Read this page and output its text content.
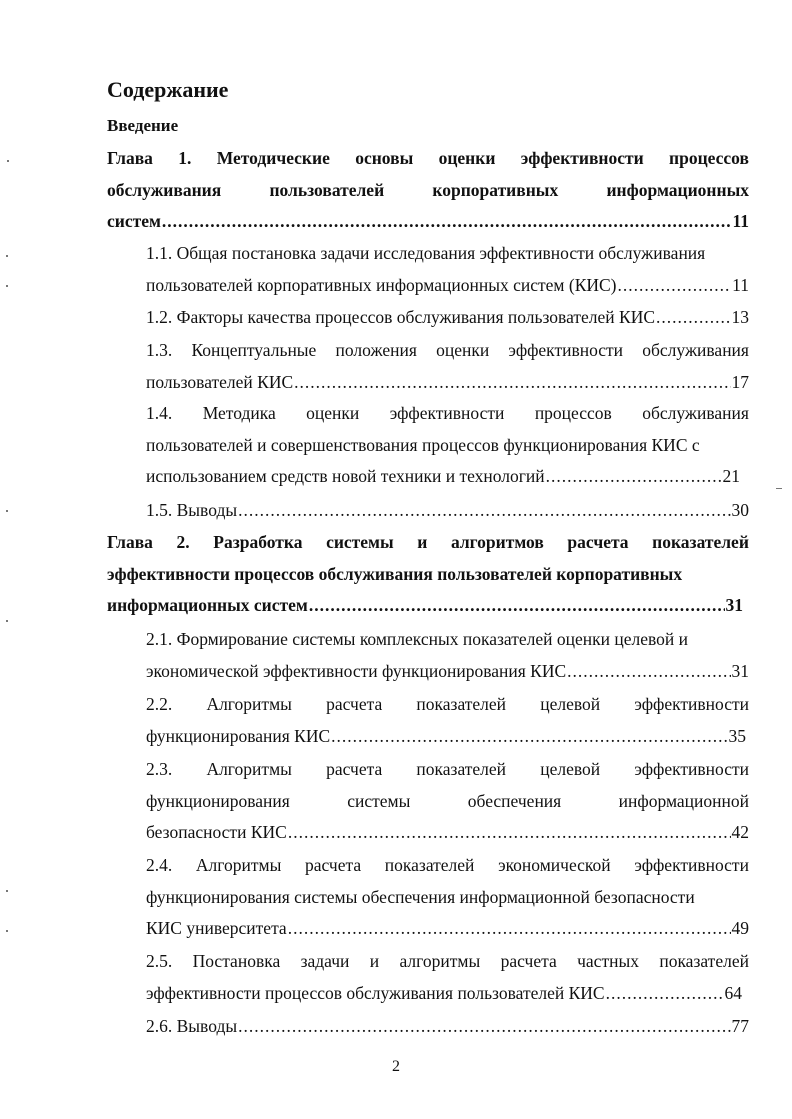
Содержание
Введение
Глава 1. Методические основы оценки эффективности процессов
обслуживания	пользователей	корпоративных	информационных
систем .....	11
1.1. Общая постановка задачи исследования эффективности обслуживания
пользователей корпоративных информационных систем (КИС) .....	11
1.2. Факторы качества процессов обслуживания пользователей КИС .....	13
1.3. Концептуальные положения оценки эффективности обслуживания
пользователей КИС .....	17
1.4. Методика оценки эффективности процессов обслуживания
пользователей и совершенствования процессов функционирования КИС с
использованием средств новой техники и технологий .....	21
1.5. Выводы .....	30
Глава 2. Разработка системы и алгоритмов расчета показателей
эффективности процессов обслуживания пользователей корпоративных
информационных систем .....	31
2.1. Формирование системы комплексных показателей оценки целевой и
экономической эффективности функционирования КИС .....	31
2.2. Алгоритмы расчета показателей целевой эффективности
функционирования КИС .....	35
2.3. Алгоритмы расчета показателей целевой эффективности
функционирования	системы	обеспечения	информационной
безопасности КИС .....	42
2.4. Алгоритмы расчета показателей экономической эффективности
функционирования системы обеспечения информационной безопасности
КИС университета .....	49
2.5. Постановка задачи и алгоритмы расчета частных показателей
эффективности процессов обслуживания пользователей КИС .....	64
2.6. Выводы .....	77
2
